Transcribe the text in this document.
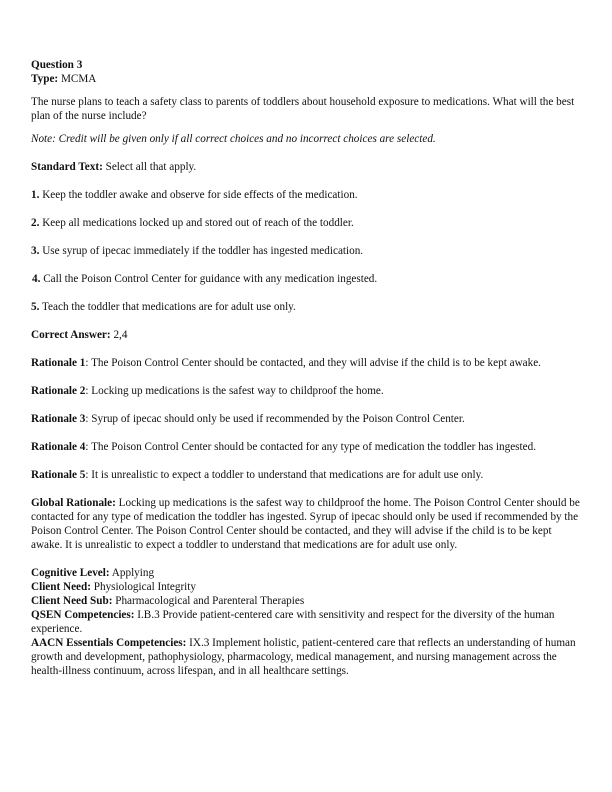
Question 3

Type: MCMA

The nurse plans to teach a safety class to parents of toddlers about household exposure to medications. What will the best plan of the nurse include?

Note: Credit will be given only if all correct choices and no incorrect choices are selected.

Standard Text: Select all that apply.

1. Keep the toddler awake and observe for side effects of the medication.

2. Keep all medications locked up and stored out of reach of the toddler.

3. Use syrup of ipecac immediately if the toddler has ingested medication.

4. Call the Poison Control Center for guidance with any medication ingested.

5. Teach the toddler that medications are for adult use only.

Correct Answer: 2,4

Rationale 1: The Poison Control Center should be contacted, and they will advise if the child is to be kept awake.

Rationale 2: Locking up medications is the safest way to childproof the home.

Rationale 3: Syrup of ipecac should only be used if recommended by the Poison Control Center.

Rationale 4: The Poison Control Center should be contacted for any type of medication the toddler has ingested.

Rationale 5: It is unrealistic to expect a toddler to understand that medications are for adult use only.

Global Rationale: Locking up medications is the safest way to childproof the home. The Poison Control Center should be contacted for any type of medication the toddler has ingested. Syrup of ipecac should only be used if recommended by the Poison Control Center. The Poison Control Center should be contacted, and they will advise if the child is to be kept awake. It is unrealistic to expect a toddler to understand that medications are for adult use only.

Cognitive Level: Applying

Client Need: Physiological Integrity

Client Need Sub: Pharmacological and Parenteral Therapies

QSEN Competencies: I.B.3 Provide patient-centered care with sensitivity and respect for the diversity of the human experience.

AACN Essentials Competencies: IX.3 Implement holistic, patient-centered care that reflects an understanding of human growth and development, pathophysiology, pharmacology, medical management, and nursing management across the health-illness continuum, across lifespan, and in all healthcare settings.
